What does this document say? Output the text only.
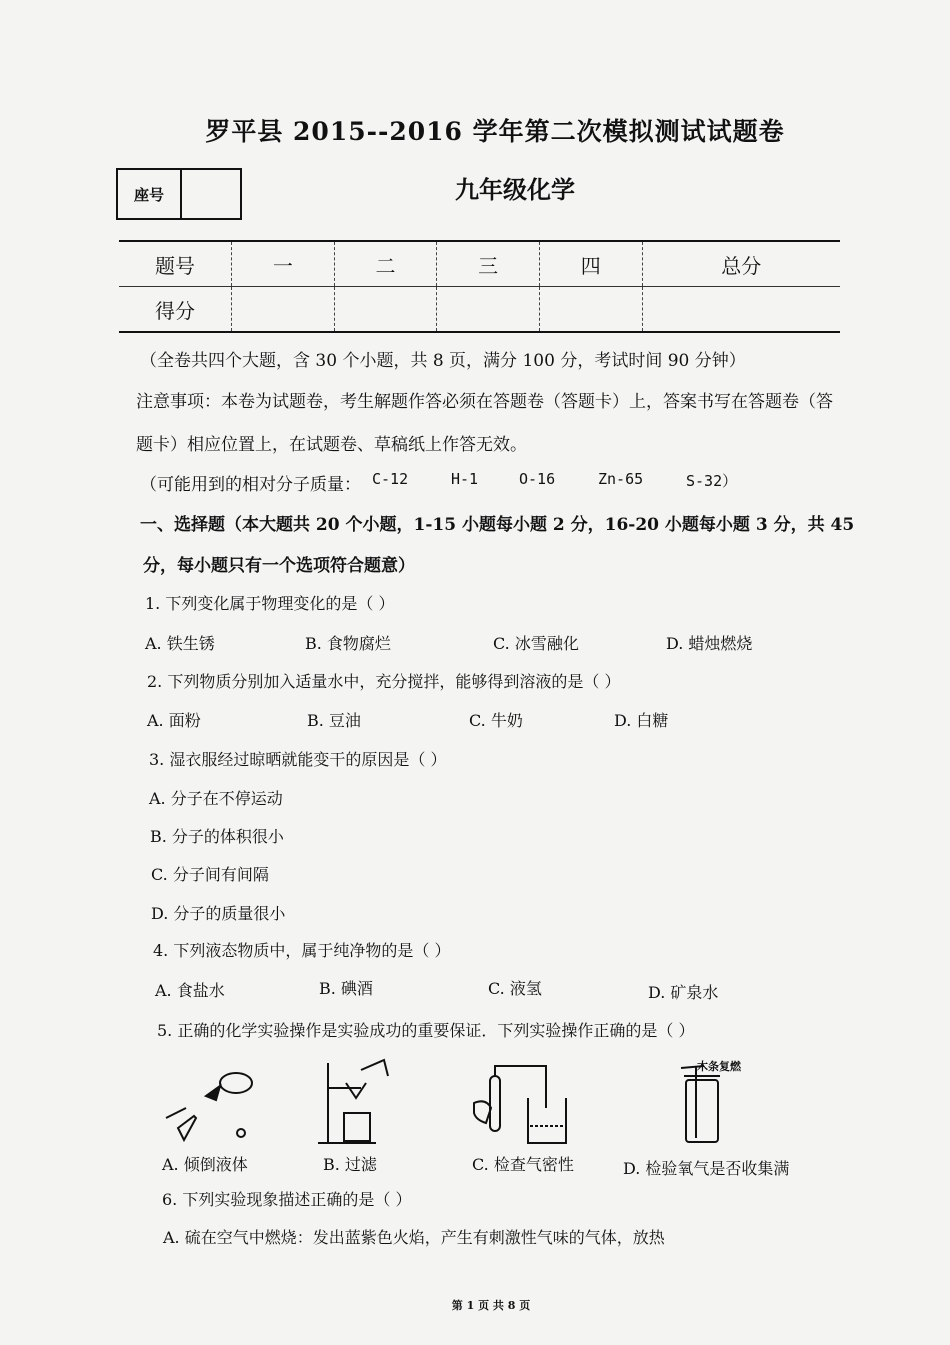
罗平县 2015--2016 学年第二次模拟测试试题卷
座号	九年级化学
题号	一	二	三	四	总分
得分					
（全卷共四个大题，含 30 个小题，共 8 页，满分 100 分，考试时间 90 分钟）
注意事项：本卷为试题卷，考生解题作答必须在答题卷（答题卡）上，答案书写在答题卷（答
题卡）相应位置上，在试题卷、草稿纸上作答无效。
（可能用到的相对分子质量： C-12	H-1	O-16	Zn-65	S-32）
一、选择题（本大题共 20 个小题，1-15 小题每小题 2 分，16-20 小题每小题 3 分，共 45
分，每小题只有一个选项符合题意）
1. 下列变化属于物理变化的是（ ）
A. 铁生锈	B. 食物腐烂	C. 冰雪融化	D. 蜡烛燃烧
2. 下列物质分别加入适量水中，充分搅拌，能够得到溶液的是（ ）
A. 面粉	B. 豆油	C. 牛奶	D. 白糖
3. 湿衣服经过晾晒就能变干的原因是（ ）
A. 分子在不停运动
B. 分子的体积很小
C. 分子间有间隔
D. 分子的质量很小
4. 下列液态物质中，属于纯净物的是（ ）
A. 食盐水	B. 碘酒	C. 液氢	D. 矿泉水
5. 正确的化学实验操作是实验成功的重要保证．下列实验操作正确的是（ ）
木条复燃
A. 倾倒液体	B. 过滤	C. 检查气密性	D. 检验氧气是否收集满
6. 下列实验现象描述正确的是（ ）
A. 硫在空气中燃烧：发出蓝紫色火焰，产生有刺激性气味的气体，放热
第 1 页 共 8 页
